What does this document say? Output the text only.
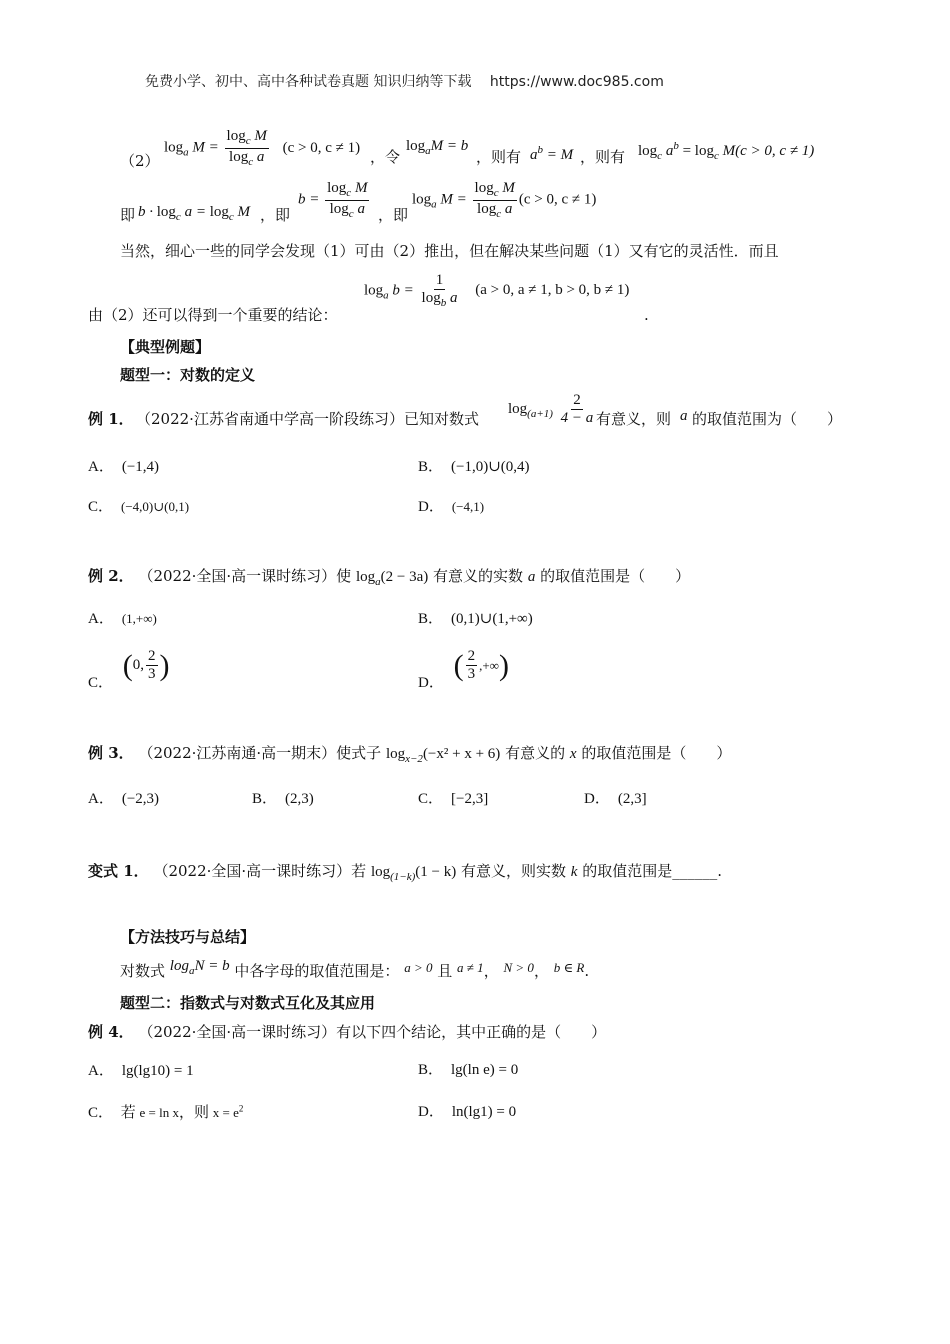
免费小学、初中、高中各种试卷真题 知识归纳等下载 https://www.doc985.com
（2）
$\log_a M = \frac{\log_c M}{\log_c a} (c > 0$, c ≠ 1)
，令
$\log_aM = b$
，则有 $a^b = M$ ，则有 $\log_c a^b = \log_c M(c > 0$, c ≠ 1)
即 $b \cdot \log_c a = \log_c M$ ，即
$b = \frac{\log_c M}{\log_c a}$ ，即
$\log_a M = \frac{\log_c M}{\log_c a} (c > 0$, c ≠ 1)
当然，细心一些的同学会发现（1）可由（2）推出，但在解决某些问题（1）又有它的灵活性．而且
由（2）还可以得到一个重要的结论：
$\log_a b = \frac{1}{\log_b a} (a > 0$, a ≠ 1, b > 0, b ≠ 1)
.
【典型例题】
题型一：对数的定义
例 1． （2022·江苏省南通中学高一阶段练习）已知对数式
$\log_{(a+1)} \frac{2}{4 - a}$ 有意义，则 a 的取值范围为（　　）
A． (−1,4)	B． (−1,0)∪(0,4)
C． (−4,0)∪(0,1)	D． (−4,1)
例 2． （2022·全国·高一课时练习）使 $\log_a(2 - 3a)$ 有意义的实数 a 的取值范围是（　　）
A． (1,+∞)	B． (0,1)∪(1,+∞)
C．
( 0, $\frac{2}{3}$ )
D．
( $\frac{2}{3}$ ,+∞ )
例 3． （2022·江苏南通·高一期末）使式子 $\log_{x-2}(-x^2 + x + 6)$ 有意义的 x 的取值范围是（　　）
A． (−2,3)	B． (2,3)	C． [−2,3]	D． (2,3]
变式 1． （2022·全国·高一课时练习）若 $\log_{(1-k)}(1 - k)$ 有意义，则实数 k 的取值范围是______.
【方法技巧与总结】
对数式 $\log_aN = b$ 中各字母的取值范围是： a > 0 且 a ≠ 1， N > 0， b ∈ R.
题型二：指数式与对数式互化及其应用
例 4． （2022·全国·高一课时练习）有以下四个结论，其中正确的是（　　）
A． lg(lg10) = 1	B． lg(ln e) = 0
C． 若 e = ln x，则 $x = e^2$	D． ln(lg1) = 0
